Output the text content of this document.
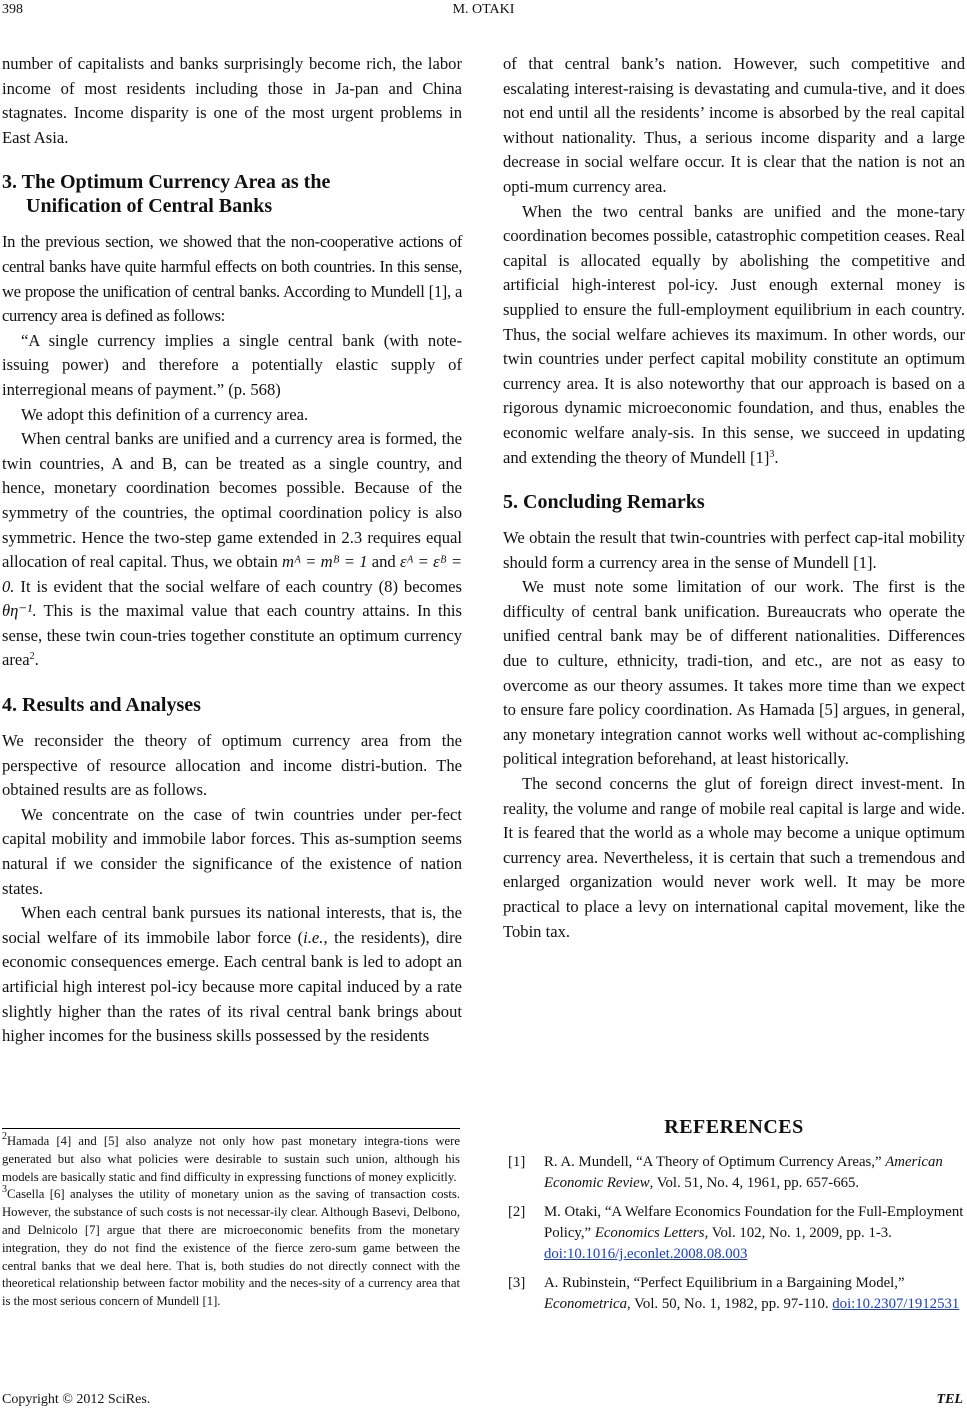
398	M. OTAKI

number of capitalists and banks surprisingly become rich, the labor income of most residents including those in Ja-pan and China stagnates. Income disparity is one of the most urgent problems in East Asia.

3. The Optimum Currency Area as the
Unification of Central Banks

In the previous section, we showed that the non-cooperative actions of central banks have quite harmful effects on both countries. In this sense, we propose the unification of central banks. According to Mundell [1], a currency area is defined as follows:

“A single currency implies a single central bank (with note-issuing power) and therefore a potentially elastic supply of interregional means of payment.” (p. 568)

We adopt this definition of a currency area.

When central banks are unified and a currency area is formed, the twin countries, A and B, can be treated as a single country, and hence, monetary coordination becomes possible. Because of the symmetry of the countries, the optimal coordination policy is also symmetric. Hence the two-step game extended in 2.3 requires equal allocation of real capital. Thus, we obtain mᴬ = mᴮ = 1 and εᴬ = εᴮ = 0. It is evident that the social welfare of each country (8) becomes θη⁻¹. This is the maximal value that each country attains. In this sense, these twin coun-tries together constitute an optimum currency area$^2$.

4. Results and Analyses

We reconsider the theory of optimum currency area from the perspective of resource allocation and income distri-bution. The obtained results are as follows.

We concentrate on the case of twin countries under per-fect capital mobility and immobile labor forces. This as-sumption seems natural if we consider the significance of the existence of nation states.

When each central bank pursues its national interests, that is, the social welfare of its immobile labor force (i.e., the residents), dire economic consequences emerge. Each central bank is led to adopt an artificial high interest pol-icy because more capital induced by a rate slightly higher than the rates of its rival central bank brings about higher incomes for the business skills possessed by the residents

$^2$Hamada [4] and [5] also analyze not only how past monetary integra-tions were generated but also what policies were desirable to sustain such union, although his models are basically static and find difficulty in expressing functions of money explicitly.

$^3$Casella [6] analyses the utility of monetary union as the saving of transaction costs. However, the substance of such costs is not necessar-ily clear. Although Basevi, Delbono, and Delnicolo [7] argue that there are microeconomic benefits from the monetary integration, they do not find the existence of the fierce zero-sum game between the central banks that we deal here. That is, both studies do not directly connect with the theoretical relationship between factor mobility and the neces-sity of a currency area that is the most serious concern of Mundell [1].

of that central bank’s nation. However, such competitive and escalating interest-raising is devastating and cumula-tive, and it does not end until all the residents’ income is absorbed by the real capital without nationality. Thus, a serious income disparity and a large decrease in social welfare occur. It is clear that the nation is not an opti-mum currency area.

When the two central banks are unified and the mone-tary coordination becomes possible, catastrophic competition ceases. Real capital is allocated equally by abolishing the competitive and artificial high-interest pol-icy. Just enough external money is supplied to ensure the full-employment equilibrium in each country. Thus, the social welfare achieves its maximum. In other words, our twin countries under perfect capital mobility constitute an optimum currency area. It is also noteworthy that our approach is based on a rigorous dynamic microeconomic foundation, and thus, enables the economic welfare analy-sis. In this sense, we succeed in updating and extending the theory of Mundell $[1]^3$.

5. Concluding Remarks

We obtain the result that twin-countries with perfect cap-ital mobility should form a currency area in the sense of Mundell [1].

We must note some limitation of our work. The first is the difficulty of central bank unification. Bureaucrats who operate the unified central bank may be of different nationalities. Differences due to culture, ethnicity, tradi-tion, and etc., are not as easy to overcome as our theory assumes. It takes more time than we expect to ensure fare policy coordination. As Hamada [5] argues, in general, any monetary integration cannot works well without ac-complishing political integration beforehand, at least historically.

The second concerns the glut of foreign direct invest-ment. In reality, the volume and range of mobile real capital is large and wide. It is feared that the world as a whole may become a unique optimum currency area. Nevertheless, it is certain that such a tremendous and enlarged organization would never work well. It may be more practical to place a levy on international capital movement, like the Tobin tax.

REFERENCES
[1] R. A. Mundell, “A Theory of Optimum Currency Areas,” American Economic Review, Vol. 51, No. 4, 1961, pp. 657-665.
[2] M. Otaki, “A Welfare Economics Foundation for the Full-Employment Policy,” Economics Letters, Vol. 102, No. 1, 2009, pp. 1-3. doi:10.1016/j.econlet.2008.08.003
[3] A. Rubinstein, “Perfect Equilibrium in a Bargaining Model,” Econometrica, Vol. 50, No. 1, 1982, pp. 97-110. doi:10.2307/1912531
Copyright © 2012 SciRes.	TEL
